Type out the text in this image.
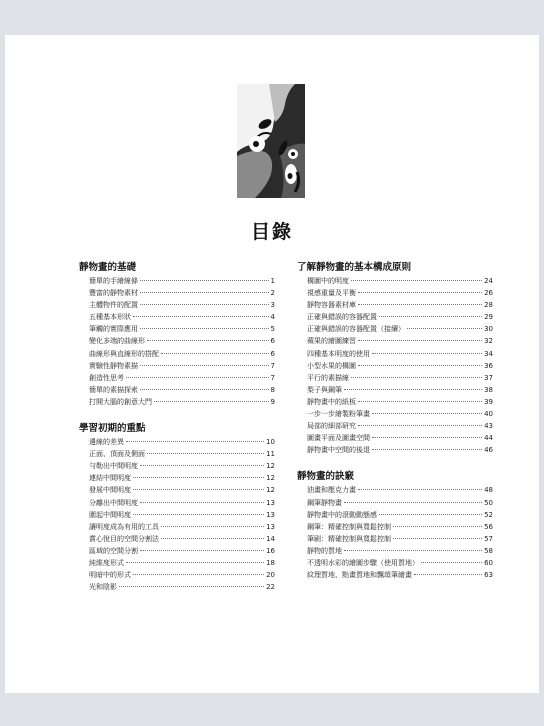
目錄
靜物畫的基礎
簡單的手繪線條	1
豐富的靜物素材	2
主體物件的配置	3
五種基本形狀	4
筆觸的實際應用	5
變化多端的曲線形	6
曲線形與直線形的搭配	6
實驗性靜物素描	7
創造性思考	7
簡單的素描探索	8
打開大腦的創意大門	9
學習初期的重點
邊線的差異	10
正面、頂面及側面	11
勻勒出中間明度	12
連結中間明度	12
發展中間明度	12
分離出中間明度	13
圍起中間明度	13
讓明度成為有用的工具	13
賞心悅目的空間分割法	14
區域的空間分割	16
純維度形式	18
明暗中的形式	20
光和陰影	22
了解靜物畫的基本構成原則
構圖中的明度	24
視感重量及平衡	26
靜物容器素材庫	28
正確與錯誤的容器配置	29
正確與錯誤的容器配置（接續）	30
蘋果的繪圖練習	32
四種基本明度的使用	34
小型水果的構圖	36
平行的素描線	37
梨子與鋼筆	38
靜物畫中的紙板	39
一步一步繪製粉筆畫	40
局部的細部研究	43
圖畫平面及圖畫空間	44
靜物畫中空間的後退	46
靜物畫的訣竅
油畫和壓克力畫	48
鋼筆靜物畫	50
靜物畫中的滾動動態感	52
鋼筆：精確控制與寬鬆控制	56
筆刷：精確控制與寬鬆控制	57
靜物的質地	58
不透明水彩的繪圖步驟（使用質地）	60
紋理質地、點畫質地和飄頌筆繪畫	63
